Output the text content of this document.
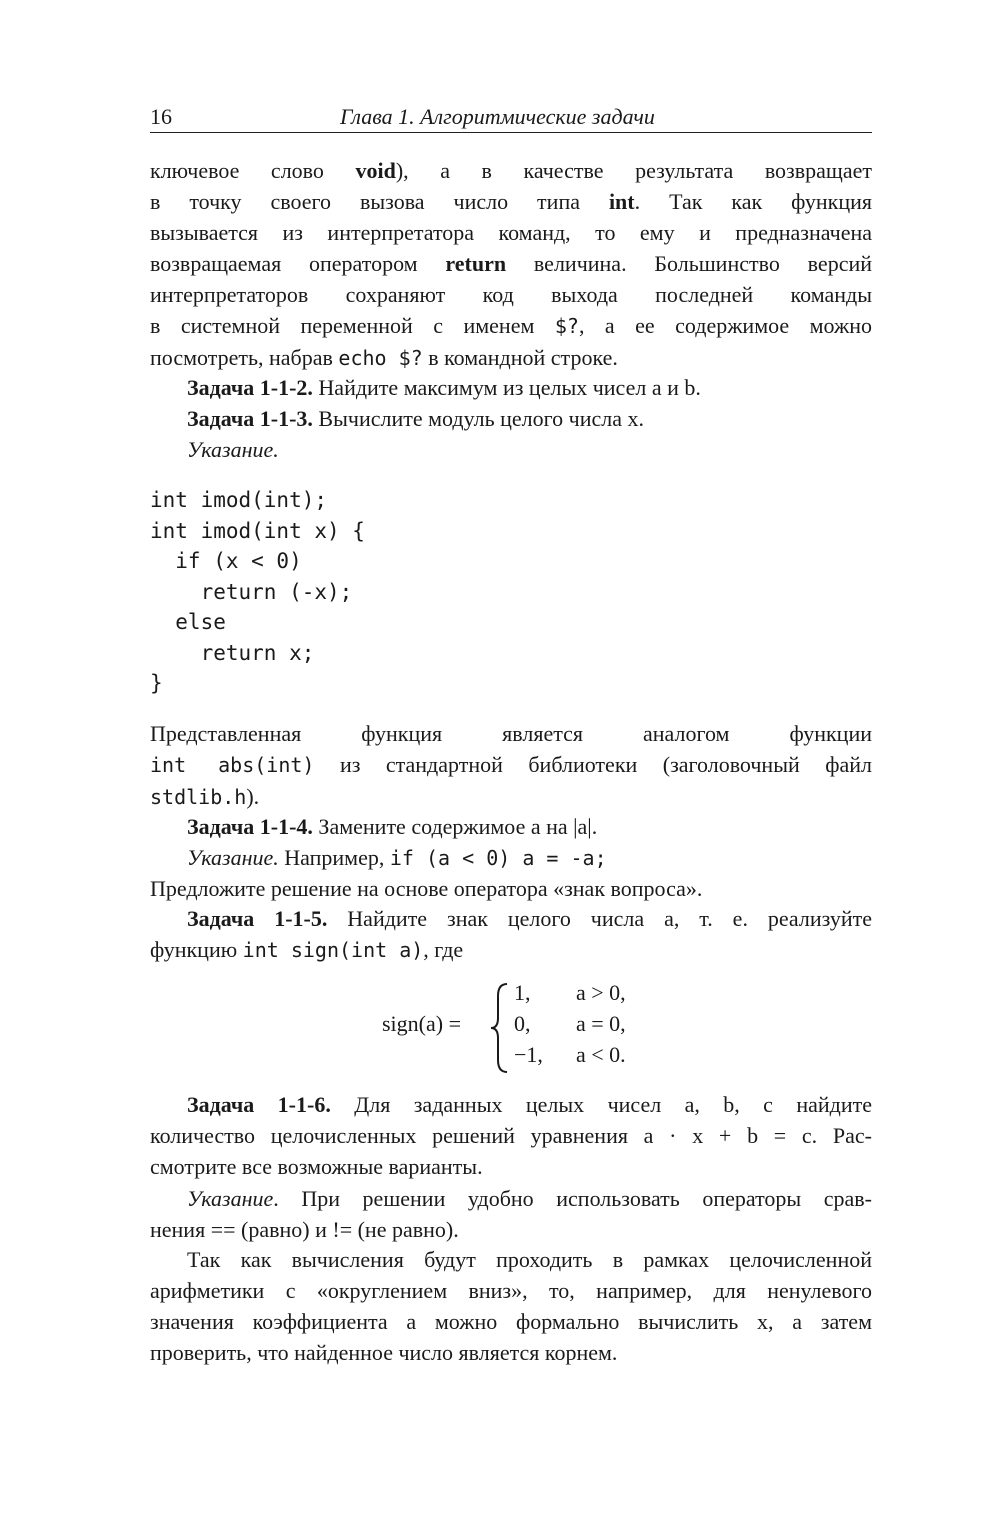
16	Глава 1. Алгоритмические задачи
ключевое слово void), а в качестве результата возвращает
в точку своего вызова число типа int. Так как функция
вызывается из интерпретатора команд, то ему и предназначена
возвращаемая оператором return величина. Большинство версий
интерпретаторов сохраняют код выхода последней команды
в системной переменной с именем $?, а ее содержимое можно
посмотреть, набрав echo $? в командной строке.
Задача 1-1-2. Найдите максимум из целых чисел a и b.
Задача 1-1-3. Вычислите модуль целого числа x.
Указание.
int imod(int);
int imod(int x) {
if (x < 0)
return (-x);
else
return x;
}
Представленная функция является аналогом функции
int abs(int) из стандартной библиотеки (заголовочный файл
stdlib.h).
Задача 1-1-4. Замените содержимое a на |a|.
Указание. Например, if (a < 0) a = -a;
Предложите решение на основе оператора «знак вопроса».
Задача 1-1-5. Найдите знак целого числа a, т. е. реализуйте
функцию int sign(int a), где
sign(a) =
1,
0,
−1,
a > 0,
a = 0,
a < 0.
Задача 1-1-6. Для заданных целых чисел a, b, c найдите
количество целочисленных решений уравнения a · x + b = c. Рас-
смотрите все возможные варианты.
Указание. При решении удобно использовать операторы срав-
нения == (равно) и != (не равно).
Так как вычисления будут проходить в рамках целочисленной
арифметики с «округлением вниз», то, например, для ненулевого
значения коэффициента a можно формально вычислить x, а затем
проверить, что найденное число является корнем.
